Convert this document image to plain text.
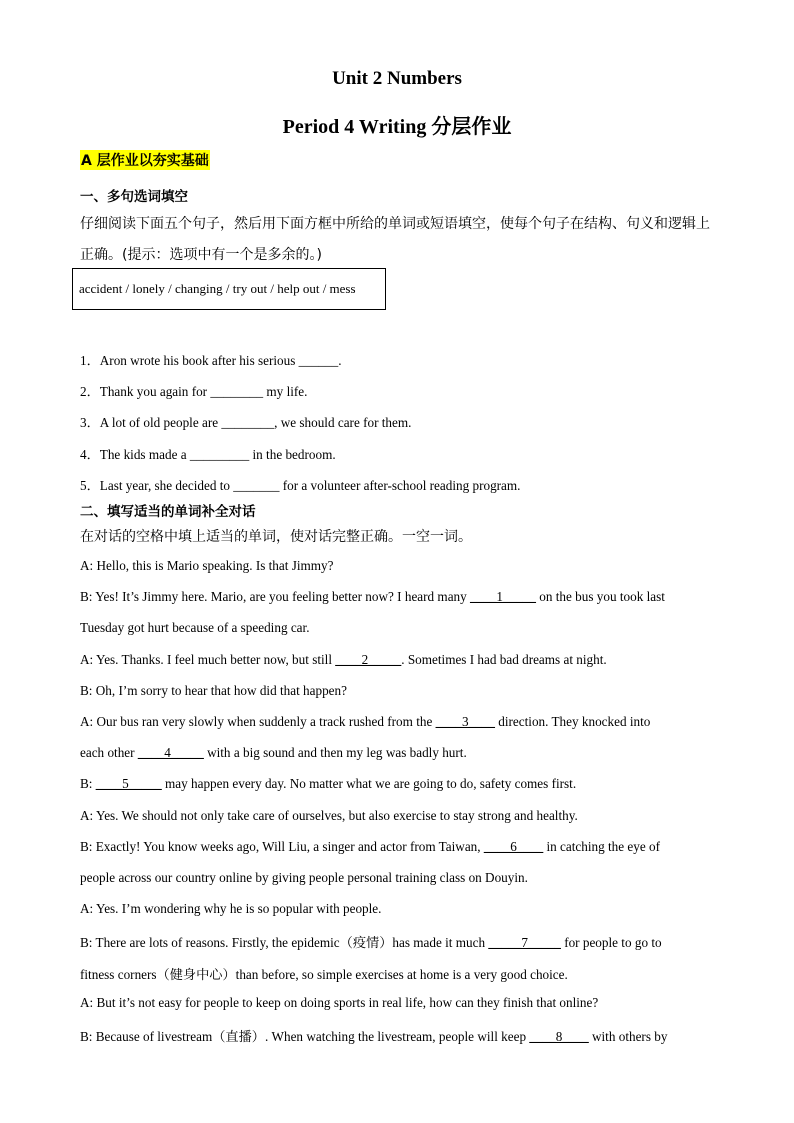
Unit 2 Numbers
Period 4 Writing 分层作业
A 层作业以夯实基础
一、多句选词填空
仔细阅读下面五个句子，然后用下面方框中所给的单词或短语填空，使每个句子在结构、句义和逻辑上
正确。(提示：选项中有一个是多余的。)
accident / lonely / changing / try out / help out / mess
1．Aron wrote his book after his serious ______.
2．Thank you again for ________ my life.
3．A lot of old people are ________, we should care for them.
4．The kids made a _________ in the bedroom.
5．Last year, she decided to _______ for a volunteer after-school reading program.
二、填写适当的单词补全对话
在对话的空格中填上适当的单词，使对话完整正确。一空一词。
A: Hello, this is Mario speaking. Is that Jimmy?
B: Yes! It’s Jimmy here. Mario, are you feeling better now? I heard many ____1_____ on the bus you took last
Tuesday got hurt because of a speeding car.
A: Yes. Thanks. I feel much better now, but still ____2_____. Sometimes I had bad dreams at night.
B: Oh, I’m sorry to hear that how did that happen?
A: Our bus ran very slowly when suddenly a track rushed from the ____3____ direction. They knocked into
each other ____4_____ with a big sound and then my leg was badly hurt.
B: ____5_____ may happen every day. No matter what we are going to do, safety comes first.
A: Yes. We should not only take care of ourselves, but also exercise to stay strong and healthy.
B: Exactly! You know weeks ago, Will Liu, a singer and actor from Taiwan, ____6____ in catching the eye of
people across our country online by giving people personal training class on Douyin.
A: Yes. I’m wondering why he is so popular with people.
B: There are lots of reasons. Firstly, the epidemic（疫情）has made it much _____7_____ for people to go to
fitness corners（健身中心）than before, so simple exercises at home is a very good choice.
A: But it’s not easy for people to keep on doing sports in real life, how can they finish that online?
B: Because of livestream（直播）. When watching the livestream, people will keep ____8____ with others by
